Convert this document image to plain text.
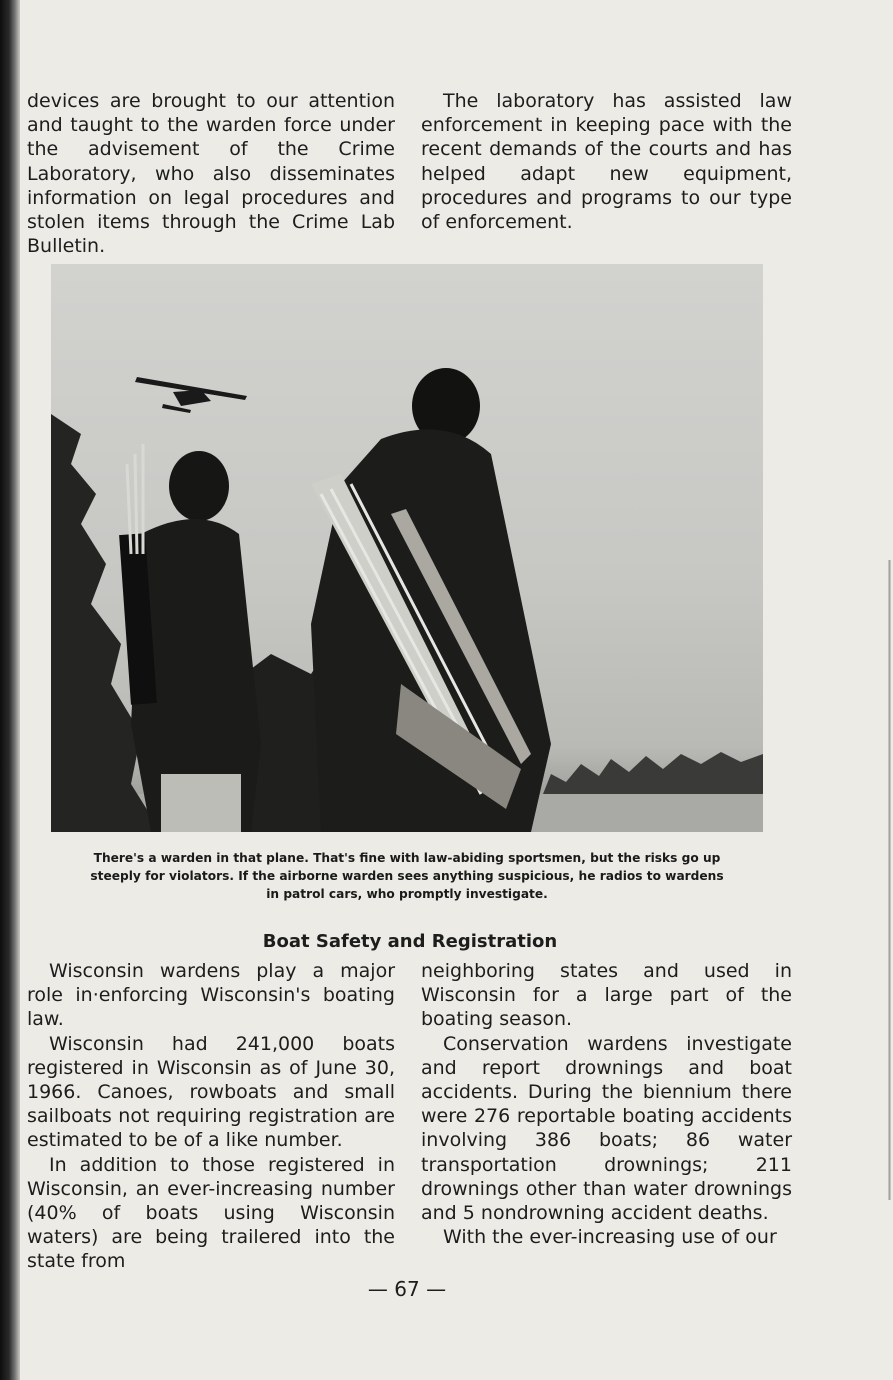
devices are brought to our attention and taught to the warden force under the advisement of the Crime Laboratory, who also disseminates information on legal procedures and stolen items through the Crime Lab Bulletin.

The laboratory has assisted law enforcement in keeping pace with the recent demands of the courts and has helped adapt new equipment, procedures and programs to our type of enforcement.

There's a warden in that plane. That's fine with law-abiding sportsmen, but the risks go up
steeply for violators. If the airborne warden sees anything suspicious, he radios to wardens
in patrol cars, who promptly investigate.
Boat Safety and Registration

Wisconsin wardens play a major role in·enforcing Wisconsin's boating law.

Wisconsin had 241,000 boats registered in Wisconsin as of June 30, 1966. Canoes, rowboats and small sailboats not requiring registration are estimated to be of a like number.

In addition to those registered in Wisconsin, an ever-increasing number (40% of boats using Wisconsin waters) are being trailered into the state from

neighboring states and used in Wisconsin for a large part of the boating season.

Conservation wardens investigate and report drownings and boat accidents. During the biennium there were 276 reportable boating accidents involving 386 boats; 86 water transportation drownings; 211 drownings other than water drownings and 5 nondrowning accident deaths.

With the ever-increasing use of our

— 67 —
